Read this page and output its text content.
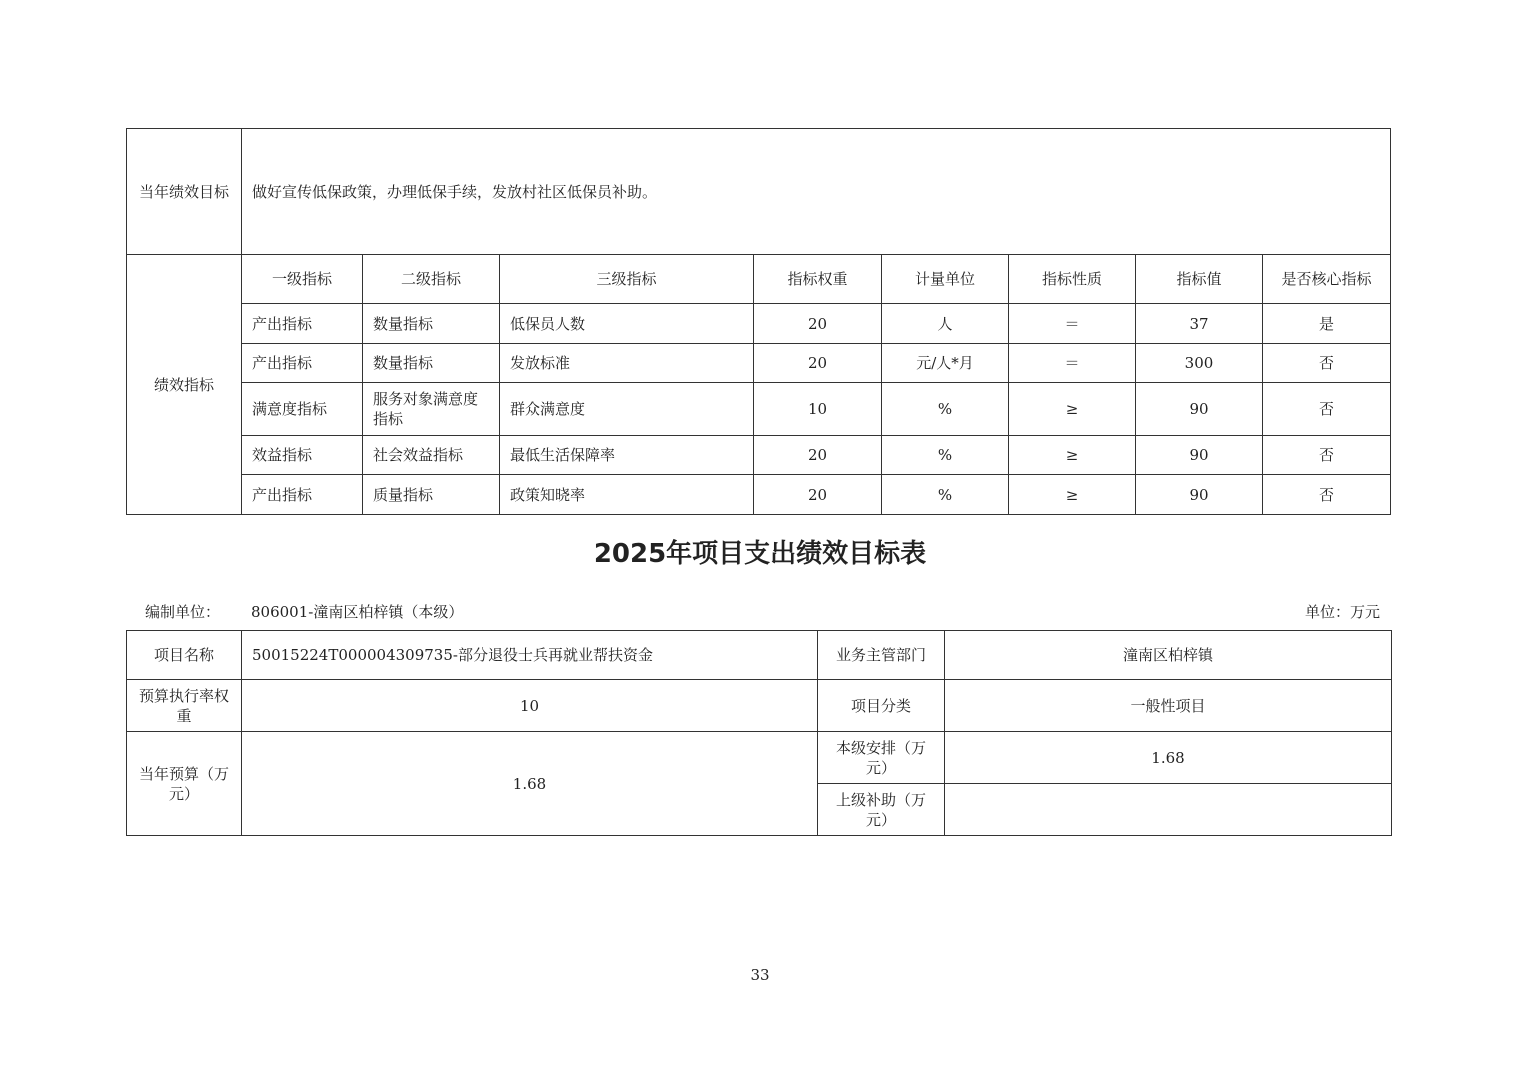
当年绩效目标	做好宣传低保政策，办理低保手续，发放村社区低保员补助。							
绩效指标	一级指标	二级指标	三级指标	指标权重	计量单位	指标性质	指标值	是否核心指标
	产出指标	数量指标	低保员人数	20	人	＝	37	是
	产出指标	数量指标	发放标准	20	元/人*月	＝	300	否
	满意度指标	服务对象满意度指标	群众满意度	10	%	≥	90	否
	效益指标	社会效益指标	最低生活保障率	20	%	≥	90	否
	产出指标	质量指标	政策知晓率	20	%	≥	90	否
2025年项目支出绩效目标表
编制单位： 806001-潼南区柏梓镇（本级）	单位：万元
项目名称	50015224T000004309735-部分退役士兵再就业帮扶资金	业务主管部门	潼南区柏梓镇
预算执行率权重	10	项目分类	一般性项目
当年预算（万元）	1.68	本级安排（万元）	1.68
		上级补助（万元）	
33
